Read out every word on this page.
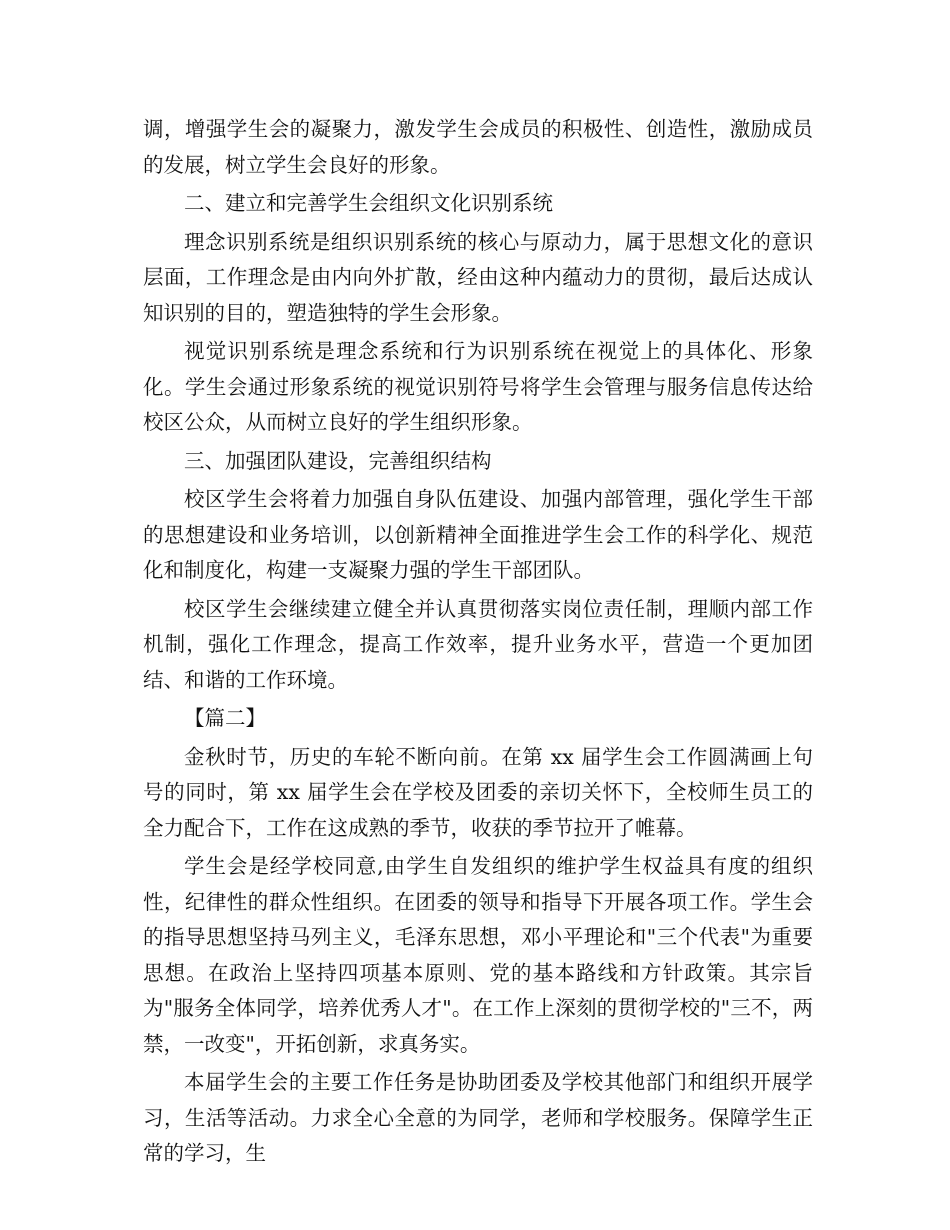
调，增强学生会的凝聚力，激发学生会成员的积极性、创造性，激励成员的发展，树立学生会良好的形象。

二、建立和完善学生会组织文化识别系统

理念识别系统是组织识别系统的核心与原动力，属于思想文化的意识层面，工作理念是由内向外扩散，经由这种内蕴动力的贯彻，最后达成认知识别的目的，塑造独特的学生会形象。

视觉识别系统是理念系统和行为识别系统在视觉上的具体化、形象化。学生会通过形象系统的视觉识别符号将学生会管理与服务信息传达给校区公众，从而树立良好的学生组织形象。

三、加强团队建设，完善组织结构

校区学生会将着力加强自身队伍建设、加强内部管理，强化学生干部的思想建设和业务培训，以创新精神全面推进学生会工作的科学化、规范化和制度化，构建一支凝聚力强的学生干部团队。

校区学生会继续建立健全并认真贯彻落实岗位责任制，理顺内部工作机制，强化工作理念，提高工作效率，提升业务水平，营造一个更加团结、和谐的工作环境。

【篇二】

金秋时节，历史的车轮不断向前。在第 xx 届学生会工作圆满画上句号的同时，第 xx 届学生会在学校及团委的亲切关怀下，全校师生员工的全力配合下，工作在这成熟的季节，收获的季节拉开了帷幕。

学生会是经学校同意,由学生自发组织的维护学生权益具有度的组织性，纪律性的群众性组织。在团委的领导和指导下开展各项工作。学生会的指导思想坚持马列主义，毛泽东思想，邓小平理论和"三个代表"为重要思想。在政治上坚持四项基本原则、党的基本路线和方针政策。其宗旨为"服务全体同学，培养优秀人才"。在工作上深刻的贯彻学校的"三不，两禁，一改变"，开拓创新，求真务实。

本届学生会的主要工作任务是协助团委及学校其他部门和组织开展学习，生活等活动。力求全心全意的为同学，老师和学校服务。保障学生正常的学习，生
